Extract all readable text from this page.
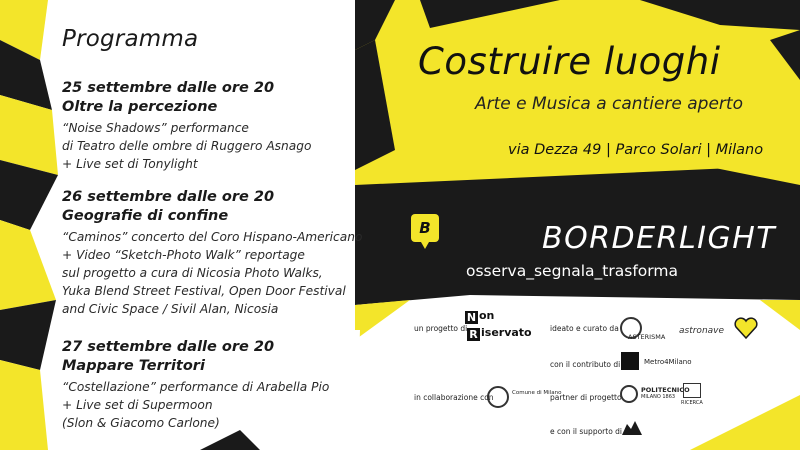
Programma
25 settembre dalle ore 20
Oltre la percezione
“Noise Shadows” performance
di Teatro delle ombre di Ruggero Asnago
+ Live set di Tonylight
26 settembre dalle ore 20
Geografie di confine
“Caminos” concerto del Coro Hispano-Americano
+ Video “Sketch-Photo Walk” reportage
sul progetto a cura di Nicosia Photo Walks,
Yuka Blend Street Festival, Open Door Festival
and Civic Space / Sivil Alan, Nicosia
27 settembre dalle ore 20
Mappare Territori
“Costellazione” performance di Arabella Pio
+ Live set di Supermoon
(Slon & Giacomo Carlone)
Costruire luoghi
Arte e Musica a cantiere aperto
via Dezza 49 | Parco Solari | Milano
B	BORDERLIGHT
osserva_segnala_trasforma
un progetto di
N on
R iservato ideato e curato da
ASTERISMA
astronave
con il contributo di	Metro4Milano
in collaborazione con	Comune di Milano
partner di progetto
POLITECNICO
MILANO 1863
RICERCA
e con il supporto di
